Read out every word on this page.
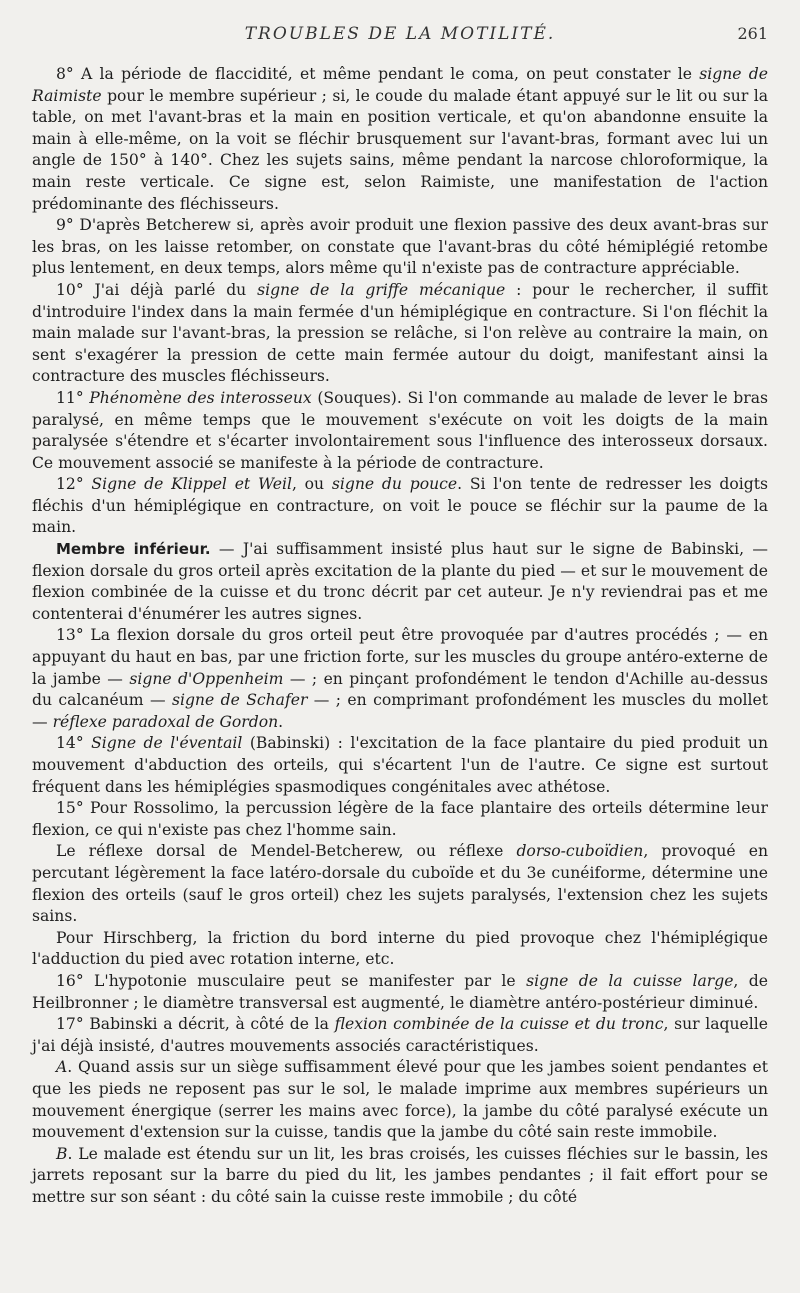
TROUBLES DE LA MOTILITÉ.	261

8° A la période de flaccidité, et même pendant le coma, on peut constater le signe de Raimiste pour le membre supérieur ; si, le coude du malade étant appuyé sur le lit ou sur la table, on met l'avant-bras et la main en position verticale, et qu'on abandonne ensuite la main à elle-même, on la voit se fléchir brusquement sur l'avant-bras, formant avec lui un angle de 150° à 140°. Chez les sujets sains, même pendant la narcose chloroformique, la main reste verticale. Ce signe est, selon Raimiste, une manifestation de l'action prédominante des fléchisseurs.

9° D'après Betcherew si, après avoir produit une flexion passive des deux avant-bras sur les bras, on les laisse retomber, on constate que l'avant-bras du côté hémiplégié retombe plus lentement, en deux temps, alors même qu'il n'existe pas de contracture appréciable.

10° J'ai déjà parlé du signe de la griffe mécanique : pour le rechercher, il suffit d'introduire l'index dans la main fermée d'un hémiplégique en contracture. Si l'on fléchit la main malade sur l'avant-bras, la pression se relâche, si l'on relève au contraire la main, on sent s'exagérer la pression de cette main fermée autour du doigt, manifestant ainsi la contracture des muscles fléchisseurs.

11° Phénomène des interosseux (Souques). Si l'on commande au malade de lever le bras paralysé, en même temps que le mouvement s'exécute on voit les doigts de la main paralysée s'étendre et s'écarter involontairement sous l'influence des interosseux dorsaux. Ce mouvement associé se manifeste à la période de contracture.

12° Signe de Klippel et Weil, ou signe du pouce. Si l'on tente de redresser les doigts fléchis d'un hémiplégique en contracture, on voit le pouce se fléchir sur la paume de la main.

Membre inférieur. — J'ai suffisamment insisté plus haut sur le signe de Babinski, — flexion dorsale du gros orteil après excitation de la plante du pied — et sur le mouvement de flexion combinée de la cuisse et du tronc décrit par cet auteur. Je n'y reviendrai pas et me contenterai d'énumérer les autres signes.

13° La flexion dorsale du gros orteil peut être provoquée par d'autres procédés ; — en appuyant du haut en bas, par une friction forte, sur les muscles du groupe antéro-externe de la jambe — signe d'Oppenheim — ; en pinçant profondément le tendon d'Achille au-dessus du calcanéum — signe de Schafer — ; en comprimant profondément les muscles du mollet — réflexe paradoxal de Gordon.

14° Signe de l'éventail (Babinski) : l'excitation de la face plantaire du pied produit un mouvement d'abduction des orteils, qui s'écartent l'un de l'autre. Ce signe est surtout fréquent dans les hémiplégies spasmodiques congénitales avec athétose.

15° Pour Rossolimo, la percussion légère de la face plantaire des orteils détermine leur flexion, ce qui n'existe pas chez l'homme sain.

Le réflexe dorsal de Mendel-Betcherew, ou réflexe dorso-cuboïdien, provoqué en percutant légèrement la face latéro-dorsale du cuboïde et du 3e cunéiforme, détermine une flexion des orteils (sauf le gros orteil) chez les sujets paralysés, l'extension chez les sujets sains.

Pour Hirschberg, la friction du bord interne du pied provoque chez l'hémiplégique l'adduction du pied avec rotation interne, etc.

16° L'hypotonie musculaire peut se manifester par le signe de la cuisse large, de Heilbronner ; le diamètre transversal est augmenté, le diamètre antéro-postérieur diminué.

17° Babinski a décrit, à côté de la flexion combinée de la cuisse et du tronc, sur laquelle j'ai déjà insisté, d'autres mouvements associés caractéristiques.

A. Quand assis sur un siège suffisamment élevé pour que les jambes soient pendantes et que les pieds ne reposent pas sur le sol, le malade imprime aux membres supérieurs un mouvement énergique (serrer les mains avec force), la jambe du côté paralysé exécute un mouvement d'extension sur la cuisse, tandis que la jambe du côté sain reste immobile.

B. Le malade est étendu sur un lit, les bras croisés, les cuisses fléchies sur le bassin, les jarrets reposant sur la barre du pied du lit, les jambes pendantes ; il fait effort pour se mettre sur son séant : du côté sain la cuisse reste immobile ; du côté
